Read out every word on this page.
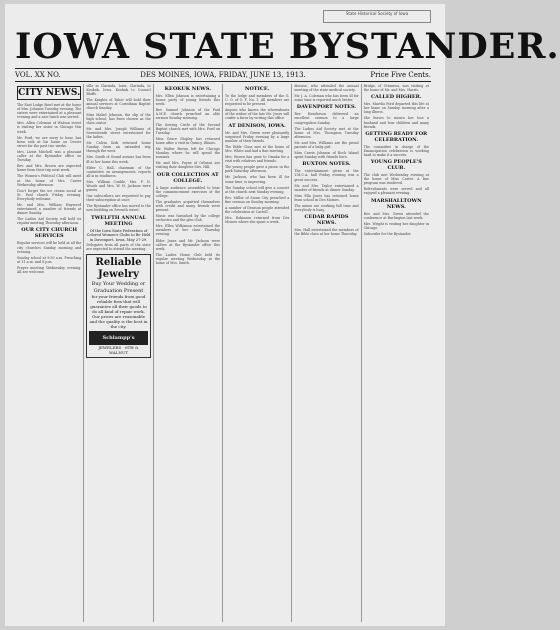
State Historical Society of Iowa
IOWA STATE BYSTANDER.
VOL. XX NO.	DES MOINES, IOWA, FRIDAY, JUNE 13, 1913.	Price Five Cents.
CITY NEWS.
The East Lodge Bowl met at the home of Mrs. Johnson Tuesday evening. The sisters were entertained at a pleasant evening and a nice lunch was served.
Mrs. Allen Coleman of Watson street is visiting her sister in Chicago this week.
Mr. Ford, we are sorry to hear, has been sick at his home on Center street for the past two weeks.
Mrs. Lizzie Mitchell was a pleasant caller at the Bystander office on Tuesday.
Rev. and Mrs. Brown are expected home from their trip next week.
The Women's Political Club will meet at the home of Mrs. Carter Wednesday afternoon.
Don't forget the ice cream social at St. Paul church Friday evening. Everybody welcome.
Mr. and Mrs. William Haywood entertained a number of friends at dinner Sunday.
The Ladies Aid Society will hold its regular meeting Thursday afternoon.
OUR CITY CHURCH SERVICES
Regular services will be held at all the city churches Sunday morning and evening.
Sunday school at 9:30 a.m. Preaching at 11 a.m. and 8 p.m.
Prayer meeting Wednesday evening. All are welcome.
ville in Clarinda, Iowa. Clarinda, to Keokuk, Iowa. Keokuk to Council Bluffs.
The Knights of Tabor will hold their annual services at Corinthian Baptist church Sunday.
Miss Mabel Johnson, the slip of the high school, has been chosen as the class orator.
Mr. and Mrs. Joseph Williams of Seventeenth street entertained for the ladies.
Mr. Calvin Kirk returned home Sunday from an extended trip through the west.
Mrs. Smith of Grand avenue has been ill at her home this week.
Elder C. Hall, chairman of the committee on arrangements, reports all is in readiness.
Mrs. William Conkle, Mrs. F. N. Woods and Mrs. W. H. Jackson were guests.
Our subscribers are requested to pay their subscription at once.
The Bystander office has moved to the new building on Seventh street.
TWELFTH ANNUAL MEETING
Of the Iowa State Federation of Colored Women's Clubs to Be Held in Davenport, Iowa, May 27-29.
Delegates from all parts of the state are expected to attend the meeting.
Reliable Jewelry
Buy Your Wedding or Graduation Present
for your friends from good reliable firm that will guarantee all their goods to do all kind of repair work. Our prices are reasonable and the quality is the best in the city.
Schlampp's
JEWELERS · 6TH & WALNUT
KEOKUK NEWS.
Mrs. Ellen Johnson is entertaining a house party of young friends this week.
Rev. Samuel Johnson of the Paul A.M.E. church preached an able sermon Sunday morning.
The Sewing Circle of the Second Baptist church met with Mrs. Ford on Tuesday.
Miss Grace Shipley has returned home after a visit in Quincy, Illinois.
Mr. Walter Brown left for Chicago Monday where he will spend the summer.
Mr. and Mrs. Payne of Orleans are visiting their daughter Mrs. Hill.
OUR COLLECTION AT COLLEGE.
A large audience assembled to hear the commencement exercises of the college.
The graduates acquitted themselves with credit and many friends were present.
Music was furnished by the college orchestra and the glee club.
Mrs. Ellen Wilkinson entertained the members of her class Thursday evening.
Elder Jones and Mr. Jackson were callers at the Bystander office this week.
The Ladies Home Club held its regular meeting Wednesday at the home of Mrs. Smith.
NOTICE.
To the lodge and members of the G. U. O. of O. F. No. 1. All members are requested to be present.
Anyone who knows the whereabouts of the widow of the late Mr. Jones will confer a favor by writing this office.
AT DENISON, IOWA.
Mr. and Mrs. Green were pleasantly surprised Friday evening by a large number of their friends.
The Bible Class met at the home of Mrs. White and had a fine meeting.
Mrs. Brown has gone to Omaha for a visit with relatives and friends.
The young people gave a picnic in the park Saturday afternoon.
Mr. Jackson, who has been ill for some time, is improving.
The Sunday school will give a concert at the church next Sunday evening.
Rev. Miller of Sioux City preached a fine sermon on Sunday morning.
A number of Denison people attended the celebration at Carroll.
Mrs. Robinson returned from Des Moines where she spent a week.
disease, who attended the annual meeting of the state medical society.
Mr. J. A. Coleman who has been ill for some time is reported much better.
DAVENPORT NOTES.
Rev. Henderson delivered an excellent sermon to a large congregation Sunday.
The Ladies Aid Society met at the home of Mrs. Thompson Tuesday afternoon.
Mr. and Mrs. Williams are the proud parents of a baby girl.
Miss Carrie Johnson of Rock Island spent Sunday with friends here.
BUXTON NOTES.
The entertainment given at the Y.M.C.A. hall Friday evening was a great success.
Mr. and Mrs. Taylor entertained a number of friends at dinner Sunday.
Miss Ella Jones has returned home from school in Des Moines.
The mines are working full time and everybody is busy.
CEDAR RAPIDS NEWS.
Mrs. Hall entertained the members of the Bible class at her home Thursday.
Bridge, of Ottumwa, was visiting at the home of Mr. and Mrs. Harris.
CALLED HIGHER.
Mrs. Martha Ford departed this life at her home on Sunday morning after a long illness.
She leaves to mourn her loss a husband and four children and many friends.
GETTING READY FOR CELEBRATION.
The committee in charge of the Emancipation celebration is working hard to make it a success.
YOUNG PEOPLE'S CLUB.
The club met Wednesday evening at the home of Miss Carter. A fine program was rendered.
Refreshments were served and all enjoyed a pleasant evening.
MARSHALLTOWN NEWS.
Rev. and Mrs. Green attended the conference at Burlington last week.
Mrs. Wright is visiting her daughter in Chicago.
Subscribe for the Bystander.
